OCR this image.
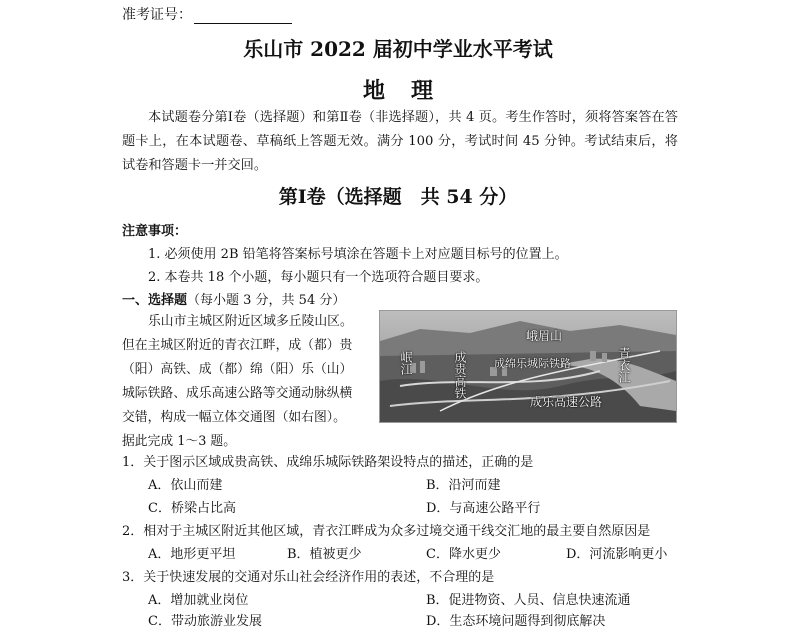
准考证号：
乐山市 2022 届初中学业水平考试
地理
本试题卷分第Ⅰ卷（选择题）和第Ⅱ卷（非选择题），共 4 页。考生作答时，须将答案答在答题卡上，在本试题卷、草稿纸上答题无效。满分 100 分，考试时间 45 分钟。考试结束后，将试卷和答题卡一并交回。
第Ⅰ卷（选择题　共 54 分）
注意事项：
1. 必须使用 2B 铅笔将答案标号填涂在答题卡上对应题目标号的位置上。
2. 本卷共 18 个小题，每小题只有一个选项符合题目要求。
一、选择题（每小题 3 分，共 54 分）

乐山市主城区附近区域多丘陵山区。

但在主城区附近的青衣江畔，成（都）贵

（阳）高铁、成（都）绵（阳）乐（山）

城际铁路、成乐高速公路等交通动脉纵横

交错，构成一幅立体交通图（如右图）。

据此完成 1～3 题。

峨眉山
岷江	青衣江
成贵高铁 成绵乐城际铁路
成乐高速公路
1．关于图示区域成贵高铁、成绵乐城际铁路架设特点的描述，正确的是
A．依山而建	B．沿河而建
C．桥梁占比高	D．与高速公路平行
2．相对于主城区附近其他区域，青衣江畔成为众多过境交通干线交汇地的最主要自然原因是
A．地形更平坦	B．植被更少	C．降水更少	D．河流影响更小
3．关于快速发展的交通对乐山社会经济作用的表述，不合理的是
A．增加就业岗位	B．促进物资、人员、信息快速流通
C．带动旅游业发展	D．生态环境问题得到彻底解决
